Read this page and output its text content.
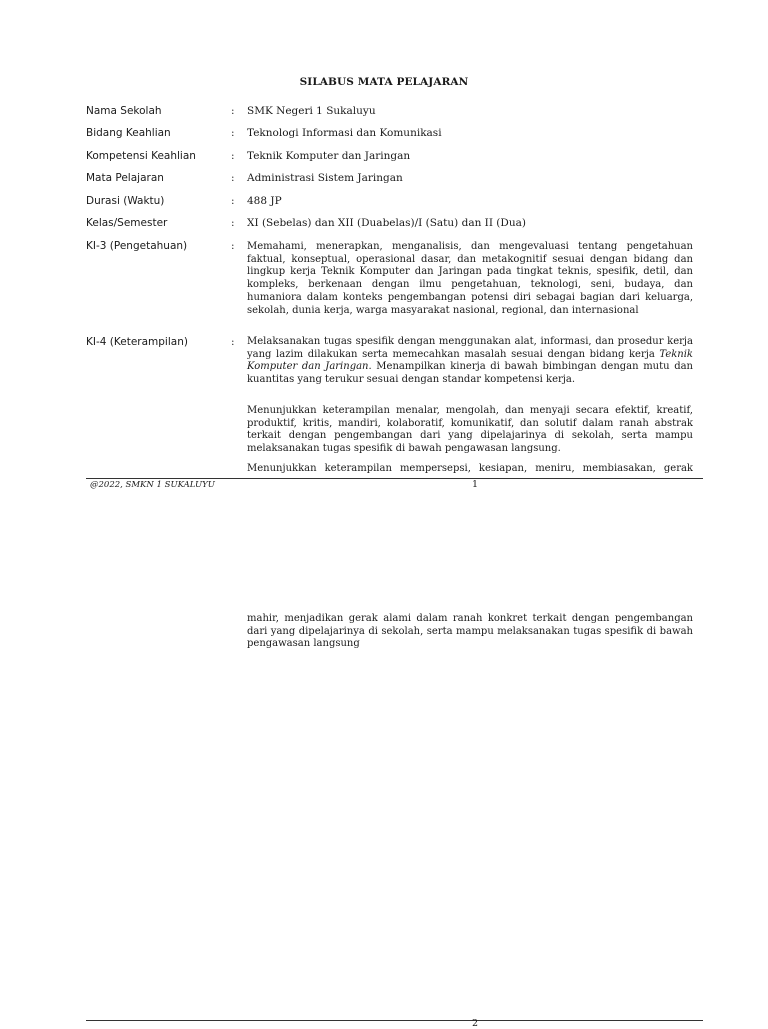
SILABUS MATA PELAJARAN
Nama Sekolah	: SMK Negeri 1 Sukaluyu
Bidang Keahlian	: Teknologi Informasi dan Komunikasi
Kompetensi Keahlian	: Teknik Komputer dan Jaringan
Mata Pelajaran	: Administrasi Sistem Jaringan
Durasi (Waktu)	: 488 JP
Kelas/Semester	: XI (Sebelas) dan XII (Duabelas)/I (Satu) dan II (Dua)
KI-3 (Pengetahuan)	: Memahami, menerapkan, menganalisis, dan mengevaluasi tentang pengetahuan faktual, konseptual, operasional dasar, dan metakognitif sesuai dengan bidang dan lingkup kerja Teknik Komputer dan Jaringan pada tingkat teknis, spesifik, detil, dan kompleks, berkenaan dengan ilmu pengetahuan, teknologi, seni, budaya, dan humaniora dalam konteks pengembangan potensi diri sebagai bagian dari keluarga, sekolah, dunia kerja, warga masyarakat nasional, regional, dan internasional

KI-4 (Keterampilan)	: Melaksanakan tugas spesifik dengan menggunakan alat, informasi, dan prosedur kerja yang lazim dilakukan serta memecahkan masalah sesuai dengan bidang kerja Teknik Komputer dan Jaringan. Menampilkan kinerja di bawah bimbingan dengan mutu dan kuantitas yang terukur sesuai dengan standar kompetensi kerja.

Menunjukkan keterampilan menalar, mengolah, dan menyaji secara efektif, kreatif, produktif, kritis, mandiri, kolaboratif, komunikatif, dan solutif dalam ranah abstrak terkait dengan pengembangan dari yang dipelajarinya di sekolah, serta mampu melaksanakan tugas spesifik di bawah pengawasan langsung.

Menunjukkan keterampilan mempersepsi, kesiapan, meniru, membiasakan, gerak

@2022, SMKN 1 SUKALUYU	1

mahir, menjadikan gerak alami dalam ranah konkret terkait dengan pengembangan dari yang dipelajarinya di sekolah, serta mampu melaksanakan tugas spesifik di bawah pengawasan langsung

2
